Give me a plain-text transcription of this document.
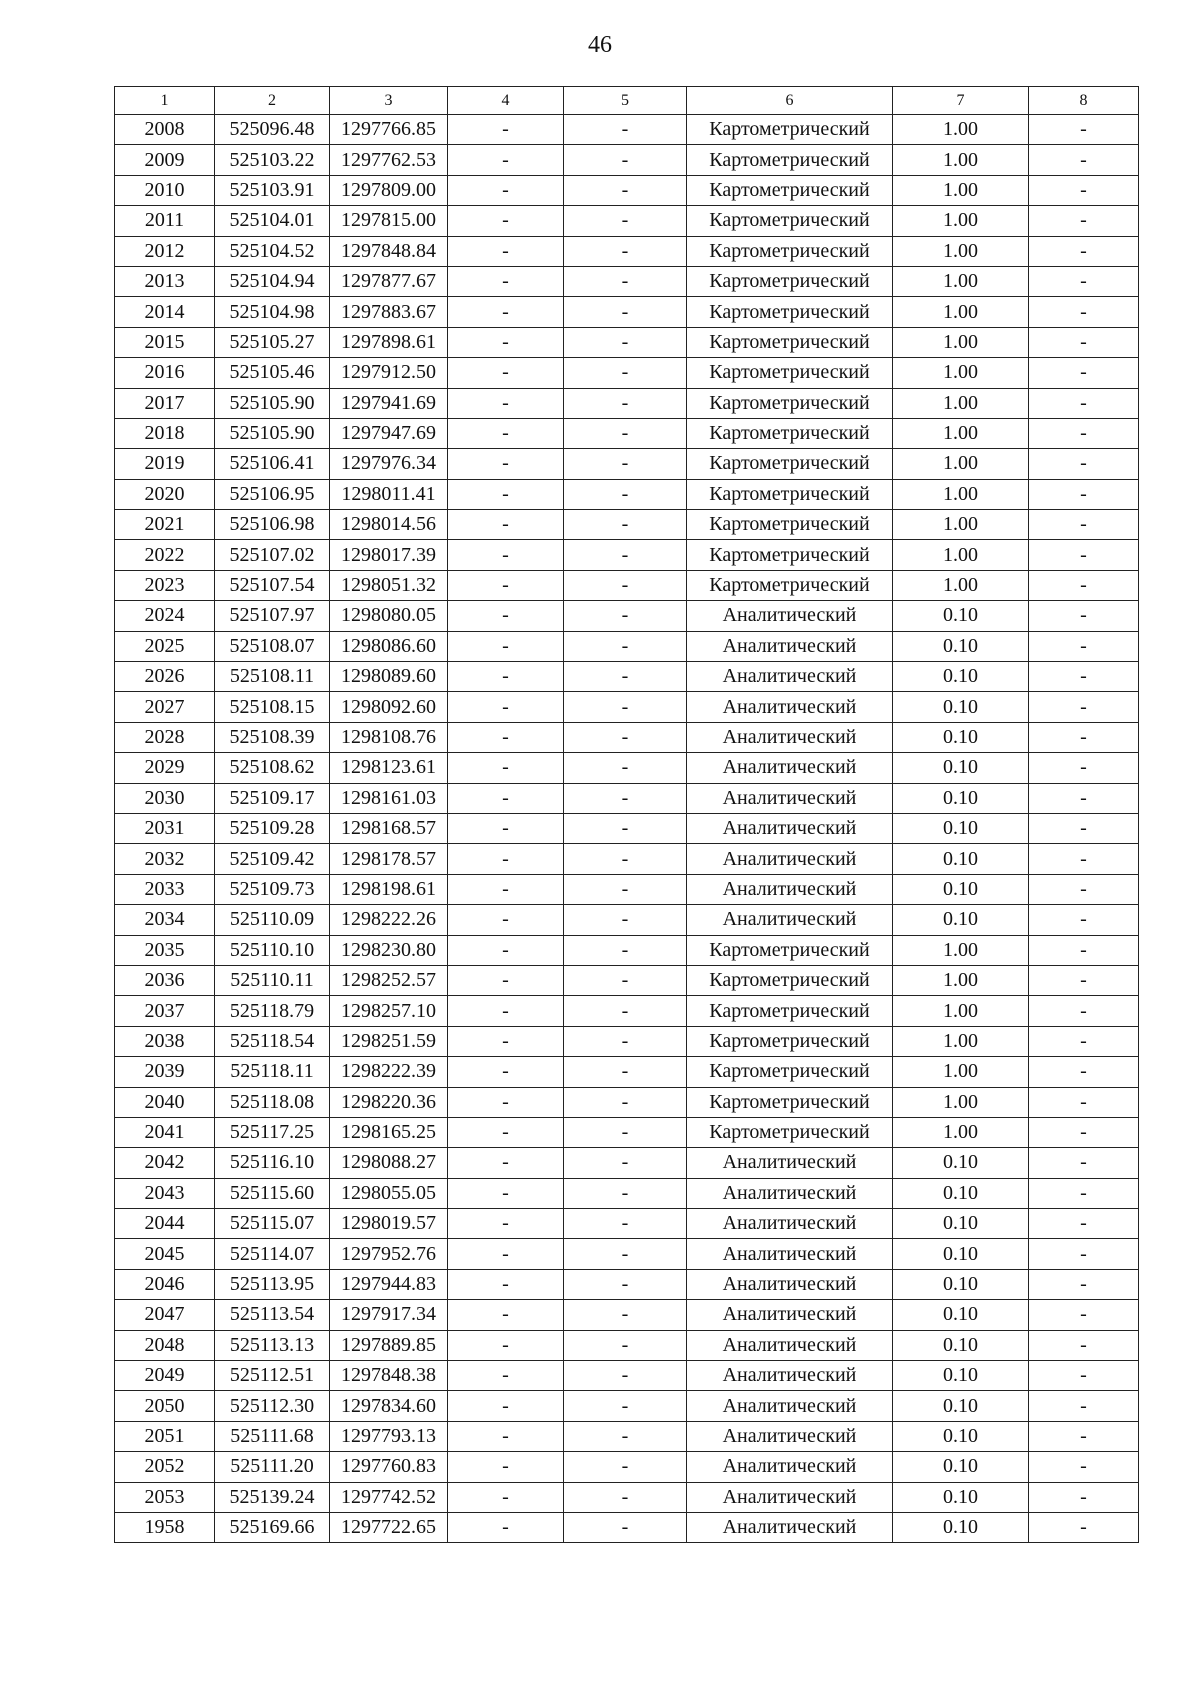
46
1	2	3	4	5	6	7	8
2008	525096.48	1297766.85	-	-	Картометрический	1.00	-
2009	525103.22	1297762.53	-	-	Картометрический	1.00	-
2010	525103.91	1297809.00	-	-	Картометрический	1.00	-
2011	525104.01	1297815.00	-	-	Картометрический	1.00	-
2012	525104.52	1297848.84	-	-	Картометрический	1.00	-
2013	525104.94	1297877.67	-	-	Картометрический	1.00	-
2014	525104.98	1297883.67	-	-	Картометрический	1.00	-
2015	525105.27	1297898.61	-	-	Картометрический	1.00	-
2016	525105.46	1297912.50	-	-	Картометрический	1.00	-
2017	525105.90	1297941.69	-	-	Картометрический	1.00	-
2018	525105.90	1297947.69	-	-	Картометрический	1.00	-
2019	525106.41	1297976.34	-	-	Картометрический	1.00	-
2020	525106.95	1298011.41	-	-	Картометрический	1.00	-
2021	525106.98	1298014.56	-	-	Картометрический	1.00	-
2022	525107.02	1298017.39	-	-	Картометрический	1.00	-
2023	525107.54	1298051.32	-	-	Картометрический	1.00	-
2024	525107.97	1298080.05	-	-	Аналитический	0.10	-
2025	525108.07	1298086.60	-	-	Аналитический	0.10	-
2026	525108.11	1298089.60	-	-	Аналитический	0.10	-
2027	525108.15	1298092.60	-	-	Аналитический	0.10	-
2028	525108.39	1298108.76	-	-	Аналитический	0.10	-
2029	525108.62	1298123.61	-	-	Аналитический	0.10	-
2030	525109.17	1298161.03	-	-	Аналитический	0.10	-
2031	525109.28	1298168.57	-	-	Аналитический	0.10	-
2032	525109.42	1298178.57	-	-	Аналитический	0.10	-
2033	525109.73	1298198.61	-	-	Аналитический	0.10	-
2034	525110.09	1298222.26	-	-	Аналитический	0.10	-
2035	525110.10	1298230.80	-	-	Картометрический	1.00	-
2036	525110.11	1298252.57	-	-	Картометрический	1.00	-
2037	525118.79	1298257.10	-	-	Картометрический	1.00	-
2038	525118.54	1298251.59	-	-	Картометрический	1.00	-
2039	525118.11	1298222.39	-	-	Картометрический	1.00	-
2040	525118.08	1298220.36	-	-	Картометрический	1.00	-
2041	525117.25	1298165.25	-	-	Картометрический	1.00	-
2042	525116.10	1298088.27	-	-	Аналитический	0.10	-
2043	525115.60	1298055.05	-	-	Аналитический	0.10	-
2044	525115.07	1298019.57	-	-	Аналитический	0.10	-
2045	525114.07	1297952.76	-	-	Аналитический	0.10	-
2046	525113.95	1297944.83	-	-	Аналитический	0.10	-
2047	525113.54	1297917.34	-	-	Аналитический	0.10	-
2048	525113.13	1297889.85	-	-	Аналитический	0.10	-
2049	525112.51	1297848.38	-	-	Аналитический	0.10	-
2050	525112.30	1297834.60	-	-	Аналитический	0.10	-
2051	525111.68	1297793.13	-	-	Аналитический	0.10	-
2052	525111.20	1297760.83	-	-	Аналитический	0.10	-
2053	525139.24	1297742.52	-	-	Аналитический	0.10	-
1958	525169.66	1297722.65	-	-	Аналитический	0.10	-
